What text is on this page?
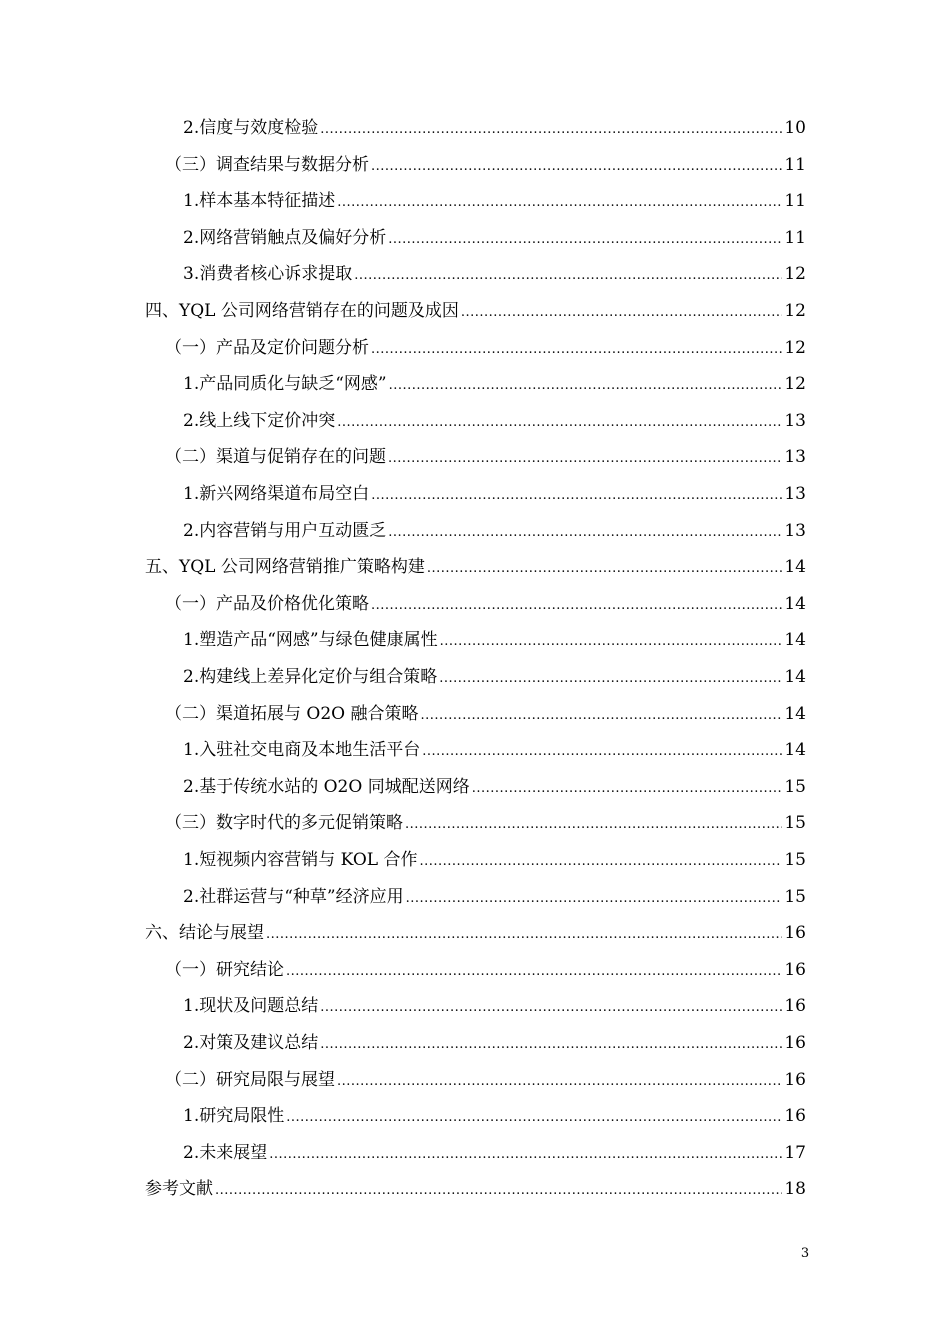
2.信度与效度检验 .....	10
（三）调查结果与数据分析 .....	11
1.样本基本特征描述 .....	11
2.网络营销触点及偏好分析 .....	11
3.消费者核心诉求提取 .....	12
四、YQL 公司网络营销存在的问题及成因 .....	12
（一）产品及定价问题分析 .....	12
1.产品同质化与缺乏“网感” .....	12
2.线上线下定价冲突 .....	13
（二）渠道与促销存在的问题 .....	13
1.新兴网络渠道布局空白 .....	13
2.内容营销与用户互动匮乏 .....	13
五、YQL 公司网络营销推广策略构建 .....	14
（一）产品及价格优化策略 .....	14
1.塑造产品“网感”与绿色健康属性 .....	14
2.构建线上差异化定价与组合策略 .....	14
（二）渠道拓展与 O2O 融合策略 .....	14
1.入驻社交电商及本地生活平台 .....	14
2.基于传统水站的 O2O 同城配送网络 .....	15
（三）数字时代的多元促销策略 .....	15
1.短视频内容营销与 KOL 合作 .....	15
2.社群运营与“种草”经济应用 .....	15
六、结论与展望 .....	16
（一）研究结论 .....	16
1.现状及问题总结 .....	16
2.对策及建议总结 .....	16
（二）研究局限与展望 .....	16
1.研究局限性 .....	16
2.未来展望 .....	17
参考文献 .....	18
3
